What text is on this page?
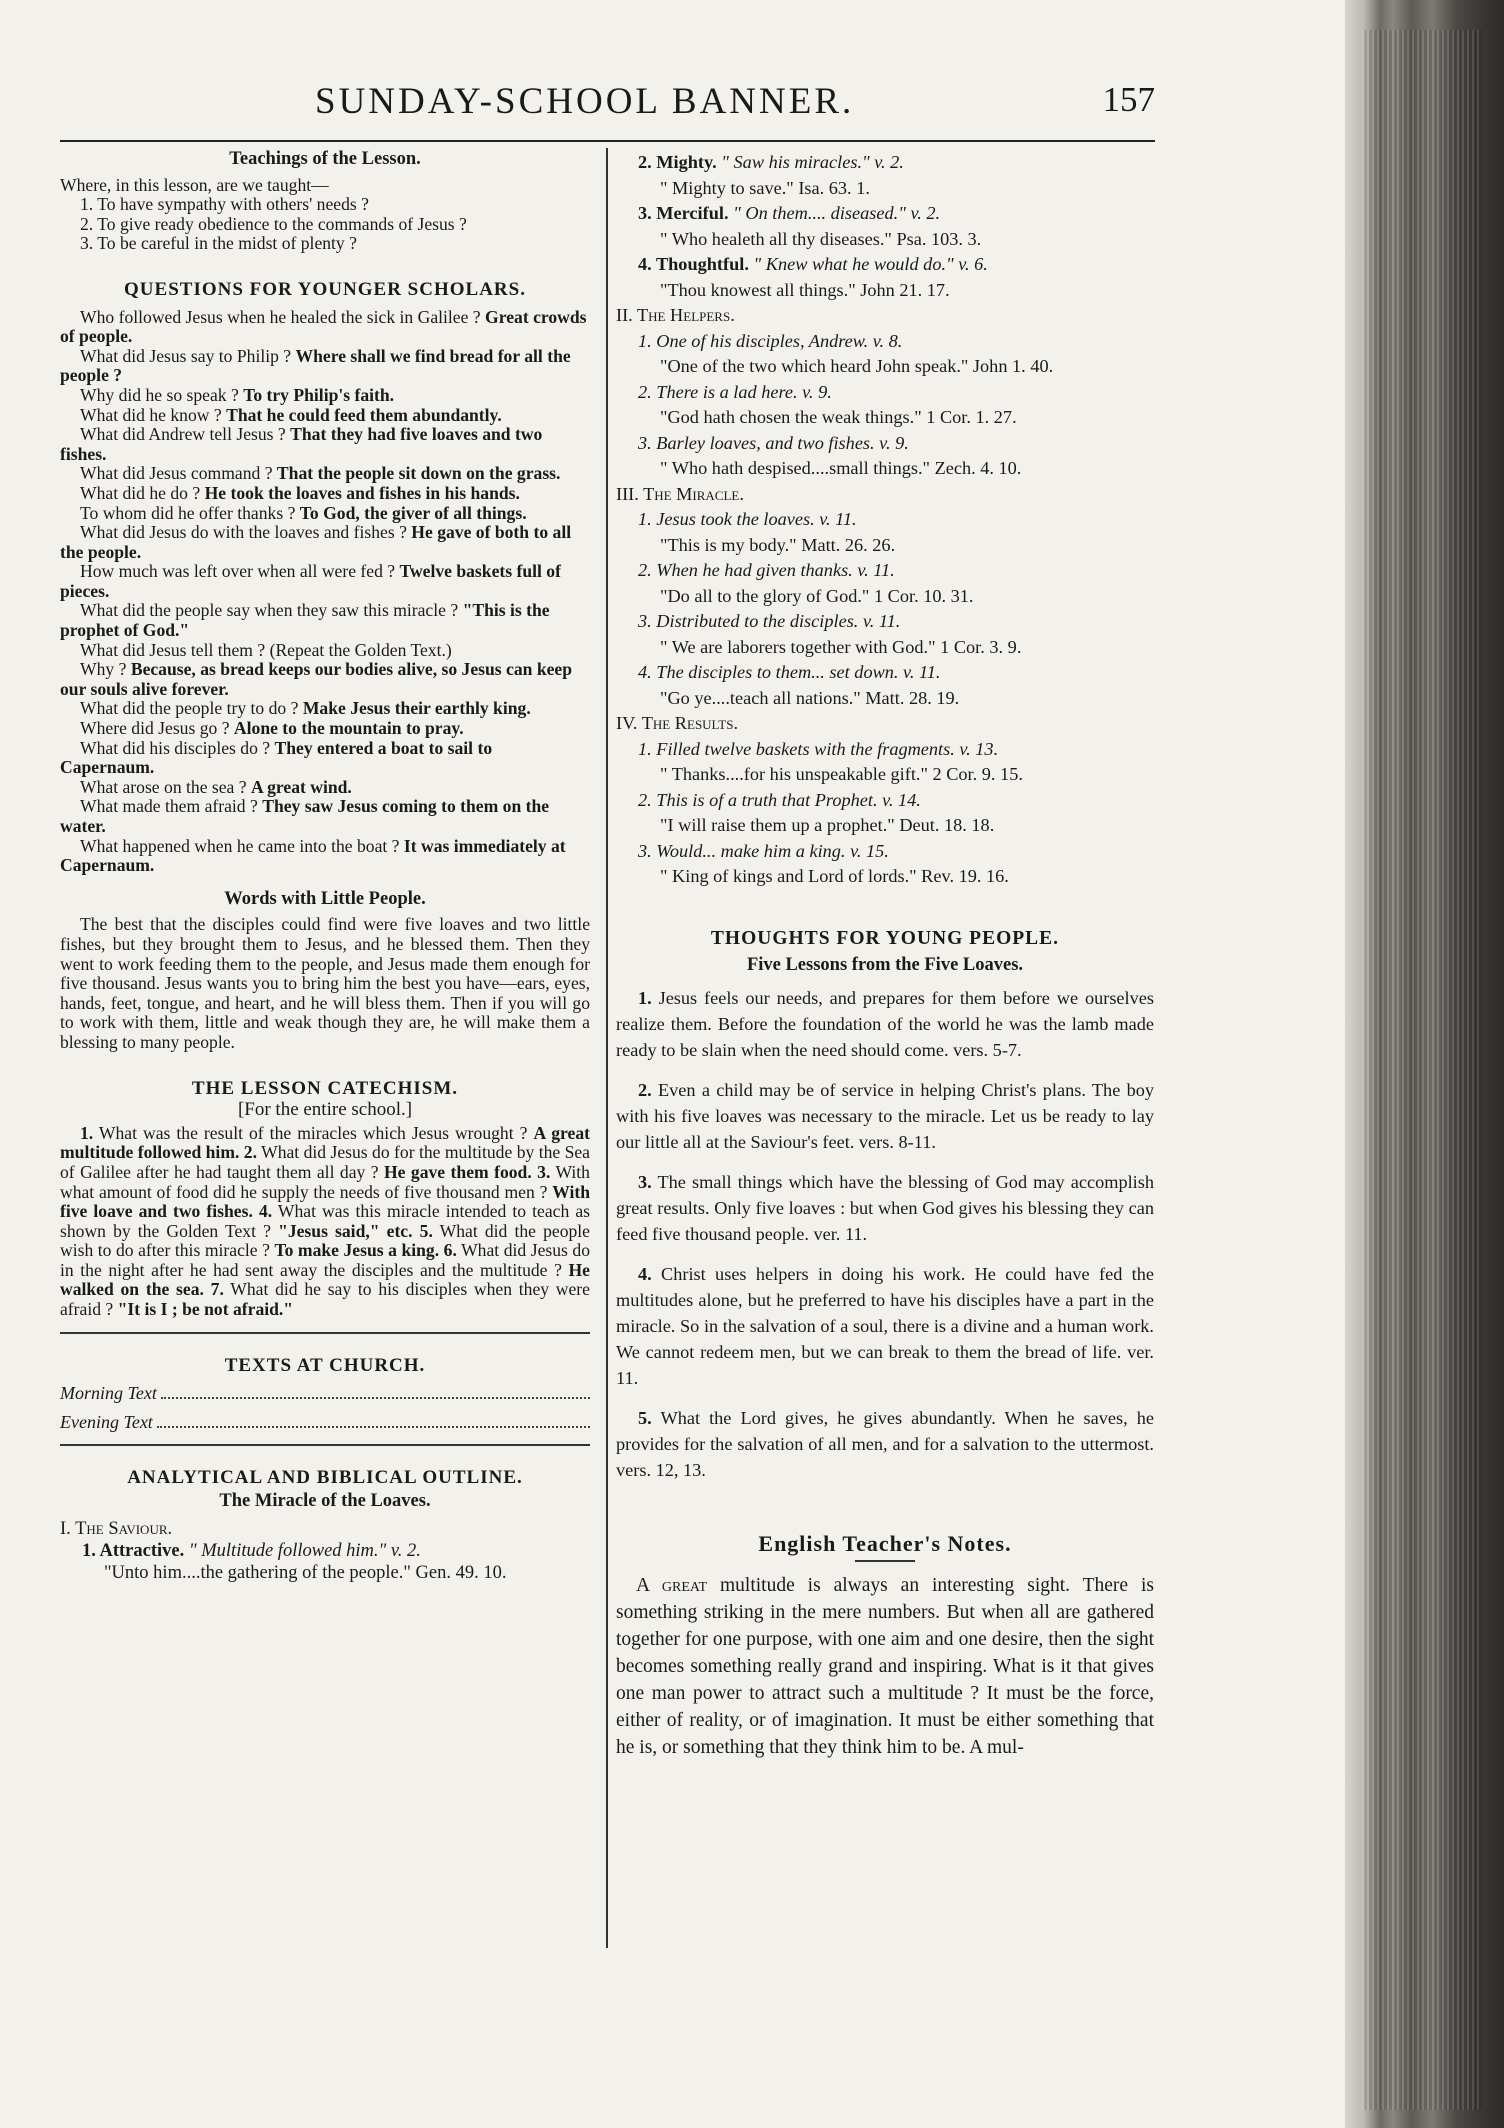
SUNDAY-SCHOOL BANNER.	157

Teachings of the Lesson.

Where, in this lesson, are we taught—

1. To have sympathy with others' needs ?

2. To give ready obedience to the commands of Jesus ?

3. To be careful in the midst of plenty ?

QUESTIONS FOR YOUNGER SCHOLARS.

Who followed Jesus when he healed the sick in Galilee ? Great crowds of people.

What did Jesus say to Philip ? Where shall we find bread for all the people ?

Why did he so speak ? To try Philip's faith.

What did he know ? That he could feed them abundantly.

What did Andrew tell Jesus ? That they had five loaves and two fishes.

What did Jesus command ? That the people sit down on the grass.

What did he do ? He took the loaves and fishes in his hands.

To whom did he offer thanks ? To God, the giver of all things.

What did Jesus do with the loaves and fishes ? He gave of both to all the people.

How much was left over when all were fed ? Twelve baskets full of pieces.

What did the people say when they saw this miracle ? "This is the prophet of God."

What did Jesus tell them ? (Repeat the Golden Text.)

Why ? Because, as bread keeps our bodies alive, so Jesus can keep our souls alive forever.

What did the people try to do ? Make Jesus their earthly king.

Where did Jesus go ? Alone to the mountain to pray.

What did his disciples do ? They entered a boat to sail to Capernaum.

What arose on the sea ? A great wind.

What made them afraid ? They saw Jesus coming to them on the water.

What happened when he came into the boat ? It was immediately at Capernaum.

Words with Little People.

The best that the disciples could find were five loaves and two little fishes, but they brought them to Jesus, and he blessed them. Then they went to work feeding them to the people, and Jesus made them enough for five thousand. Jesus wants you to bring him the best you have—ears, eyes, hands, feet, tongue, and heart, and he will bless them. Then if you will go to work with them, little and weak though they are, he will make them a blessing to many people.

THE LESSON CATECHISM.

[For the entire school.]

1. What was the result of the miracles which Jesus wrought ? A great multitude followed him. 2. What did Jesus do for the multitude by the Sea of Galilee after he had taught them all day ? He gave them food. 3. With what amount of food did he supply the needs of five thousand men ? With five loave and two fishes. 4. What was this miracle intended to teach as shown by the Golden Text ? "Jesus said," etc. 5. What did the people wish to do after this miracle ? To make Jesus a king. 6. What did Jesus do in the night after he had sent away the disciples and the multitude ? He walked on the sea. 7. What did he say to his disciples when they were afraid ? "It is I ; be not afraid."

TEXTS AT CHURCH.

Morning Text
Evening Text

ANALYTICAL AND BIBLICAL OUTLINE.

The Miracle of the Loaves.

I. The Saviour.

1. Attractive. " Multitude followed him." v. 2.

"Unto him....the gathering of the people." Gen. 49. 10.

2. Mighty. " Saw his miracles." v. 2.

" Mighty to save." Isa. 63. 1.

3. Merciful. " On them.... diseased." v. 2.

" Who healeth all thy diseases." Psa. 103. 3.

4. Thoughtful. " Knew what he would do." v. 6.

"Thou knowest all things." John 21. 17.

II. The Helpers.

1. One of his disciples, Andrew. v. 8.

"One of the two which heard John speak." John 1. 40.

2. There is a lad here. v. 9.

"God hath chosen the weak things." 1 Cor. 1. 27.

3. Barley loaves, and two fishes. v. 9.

" Who hath despised....small things." Zech. 4. 10.

III. The Miracle.

1. Jesus took the loaves. v. 11.

"This is my body." Matt. 26. 26.

2. When he had given thanks. v. 11.

"Do all to the glory of God." 1 Cor. 10. 31.

3. Distributed to the disciples. v. 11.

" We are laborers together with God." 1 Cor. 3. 9.

4. The disciples to them... set down. v. 11.

"Go ye....teach all nations." Matt. 28. 19.

IV. The Results.

1. Filled twelve baskets with the fragments. v. 13.

" Thanks....for his unspeakable gift." 2 Cor. 9. 15.

2. This is of a truth that Prophet. v. 14.

"I will raise them up a prophet." Deut. 18. 18.

3. Would... make him a king. v. 15.

" King of kings and Lord of lords." Rev. 19. 16.

THOUGHTS FOR YOUNG PEOPLE.

Five Lessons from the Five Loaves.

1. Jesus feels our needs, and prepares for them before we ourselves realize them. Before the foundation of the world he was the lamb made ready to be slain when the need should come. vers. 5-7.

2. Even a child may be of service in helping Christ's plans. The boy with his five loaves was necessary to the miracle. Let us be ready to lay our little all at the Saviour's feet. vers. 8-11.

3. The small things which have the blessing of God may accomplish great results. Only five loaves : but when God gives his blessing they can feed five thousand people. ver. 11.

4. Christ uses helpers in doing his work. He could have fed the multitudes alone, but he preferred to have his disciples have a part in the miracle. So in the salvation of a soul, there is a divine and a human work. We cannot redeem men, but we can break to them the bread of life. ver. 11.

5. What the Lord gives, he gives abundantly. When he saves, he provides for the salvation of all men, and for a salvation to the uttermost. vers. 12, 13.

English Teacher's Notes.

A great multitude is always an interesting sight. There is something striking in the mere numbers. But when all are gathered together for one purpose, with one aim and one desire, then the sight becomes something really grand and inspiring. What is it that gives one man power to attract such a multitude ? It must be the force, either of reality, or of imagination. It must be either something that he is, or something that they think him to be. A mul-
